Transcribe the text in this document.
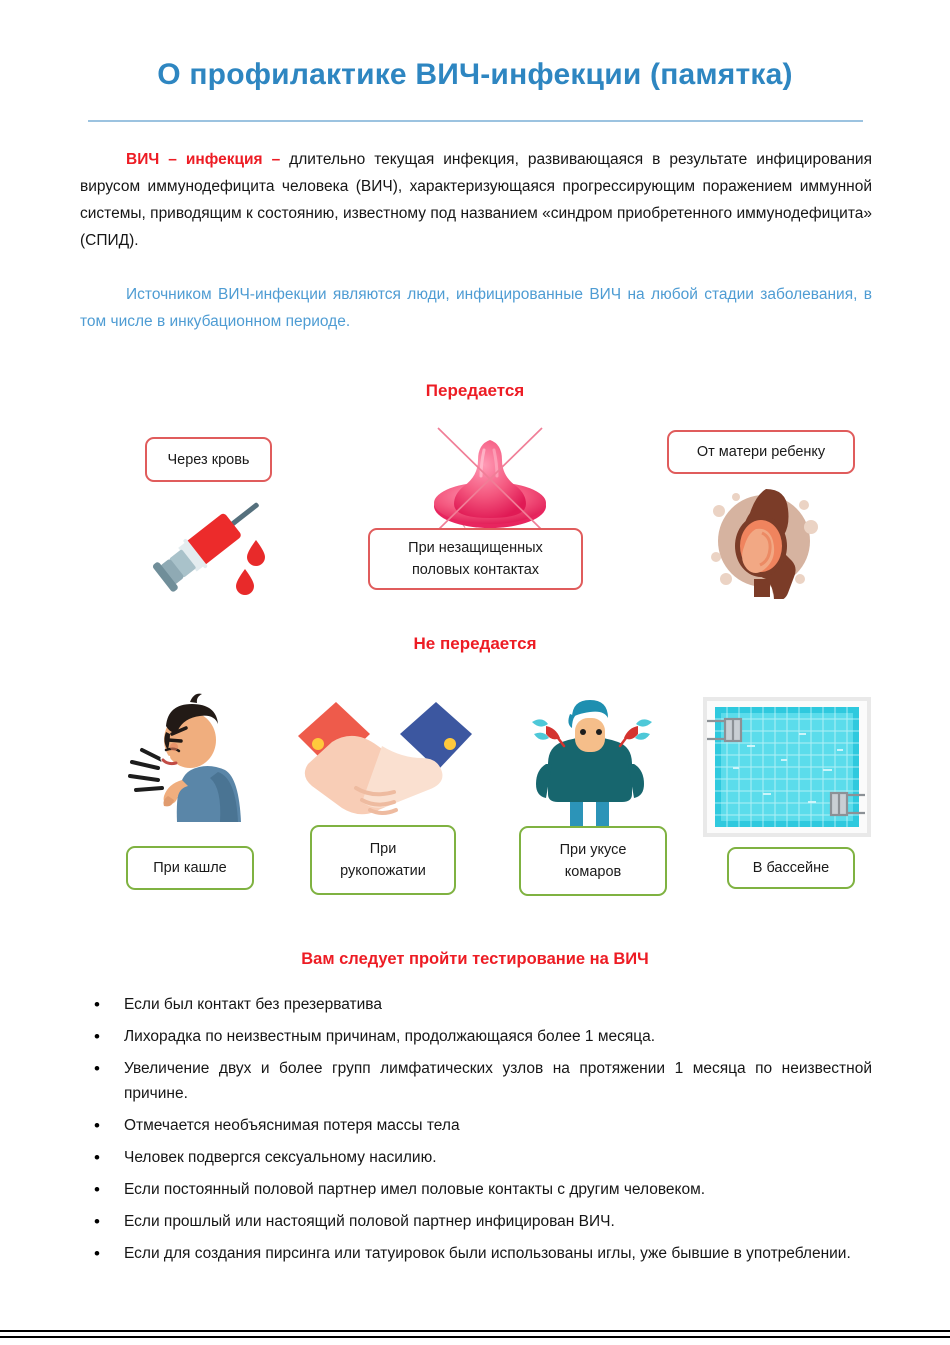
О профилактике ВИЧ-инфекции (памятка)
ВИЧ – инфекция – длительно текущая инфекция, развивающаяся в результате инфицирования вирусом иммунодефицита человека (ВИЧ), характеризующаяся прогрессирующим поражением иммунной системы, приводящим к состоянию, известному под названием «синдром приобретенного иммунодефицита» (СПИД).
Источником ВИЧ-инфекции являются люди, инфицированные ВИЧ на любой стадии заболевания, в том числе в инкубационном периоде.
Передается
Через кровь
При незащищенных
половых контактах
От матери ребенку
Не передается
При кашле
При
рукопожатии
При укусе
комаров	В бассейне
Вам следует пройти тестирование на ВИЧ
•	Если был контакт без презерватива
•	Лихорадка по неизвестным причинам, продолжающаяся более 1 месяца.
•	Увеличение двух и более групп лимфатических узлов на протяжении 1 месяца по неизвестной причине.
•	Отмечается необъяснимая потеря массы тела
•	Человек подвергся сексуальному насилию.
•	Если постоянный половой партнер имел половые контакты с другим человеком.
•	Если прошлый или настоящий половой партнер инфицирован ВИЧ.
•	Если для создания пирсинга или татуировок были использованы иглы, уже бывшие в употреблении.
